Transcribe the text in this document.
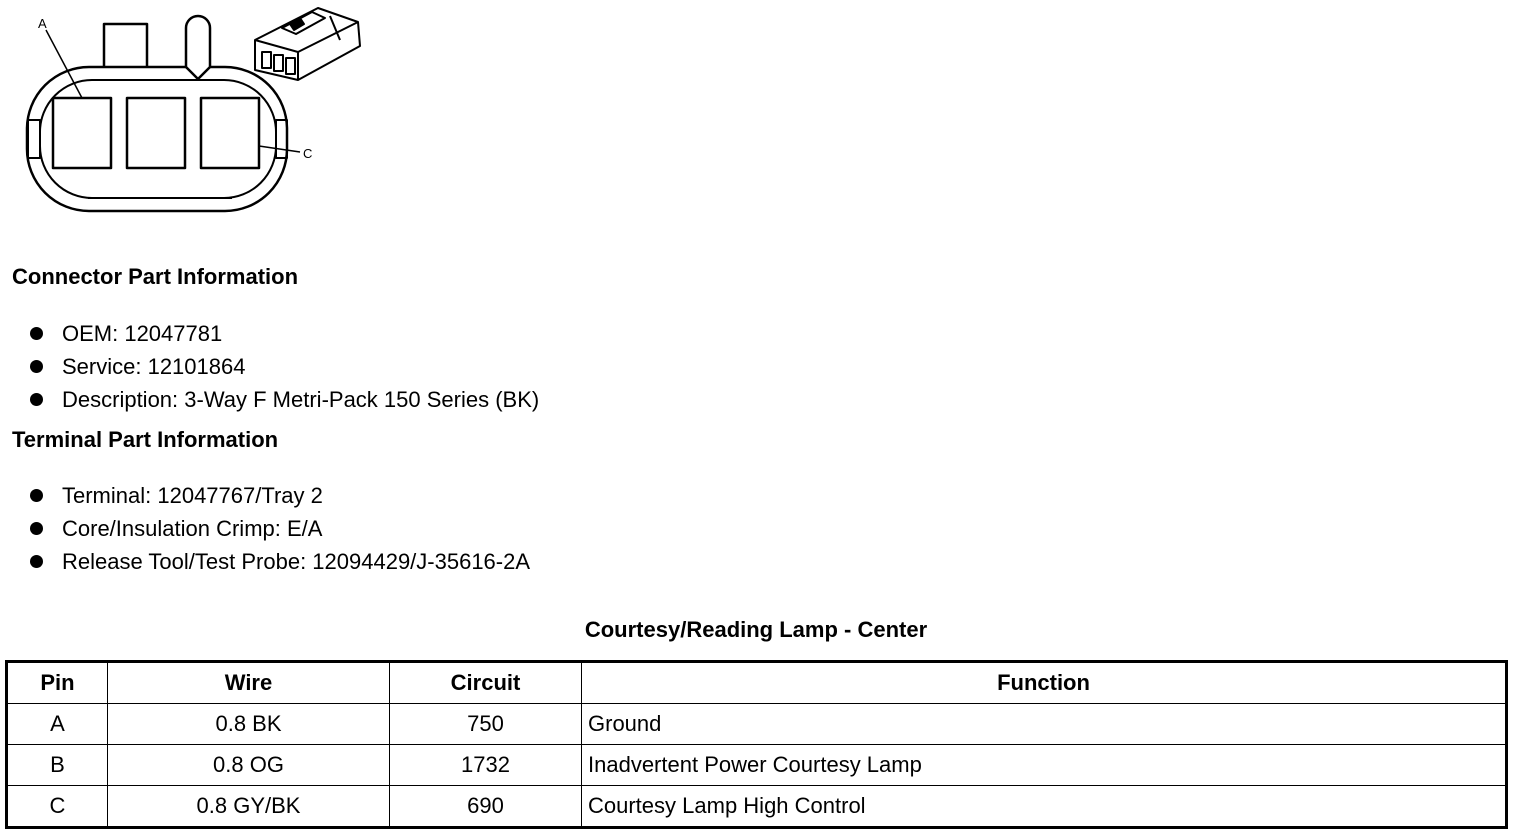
A
C
Connector Part Information
OEM: 12047781
Service: 12101864
Description: 3-Way F Metri-Pack 150 Series (BK)
Terminal Part Information
Terminal: 12047767/Tray 2
Core/Insulation Crimp: E/A
Release Tool/Test Probe: 12094429/J-35616-2A
Courtesy/Reading Lamp - Center
Pin	Wire	Circuit	Function
A	0.8 BK	750	Ground
B	0.8 OG	1732	Inadvertent Power Courtesy Lamp
C	0.8 GY/BK	690	Courtesy Lamp High Control
